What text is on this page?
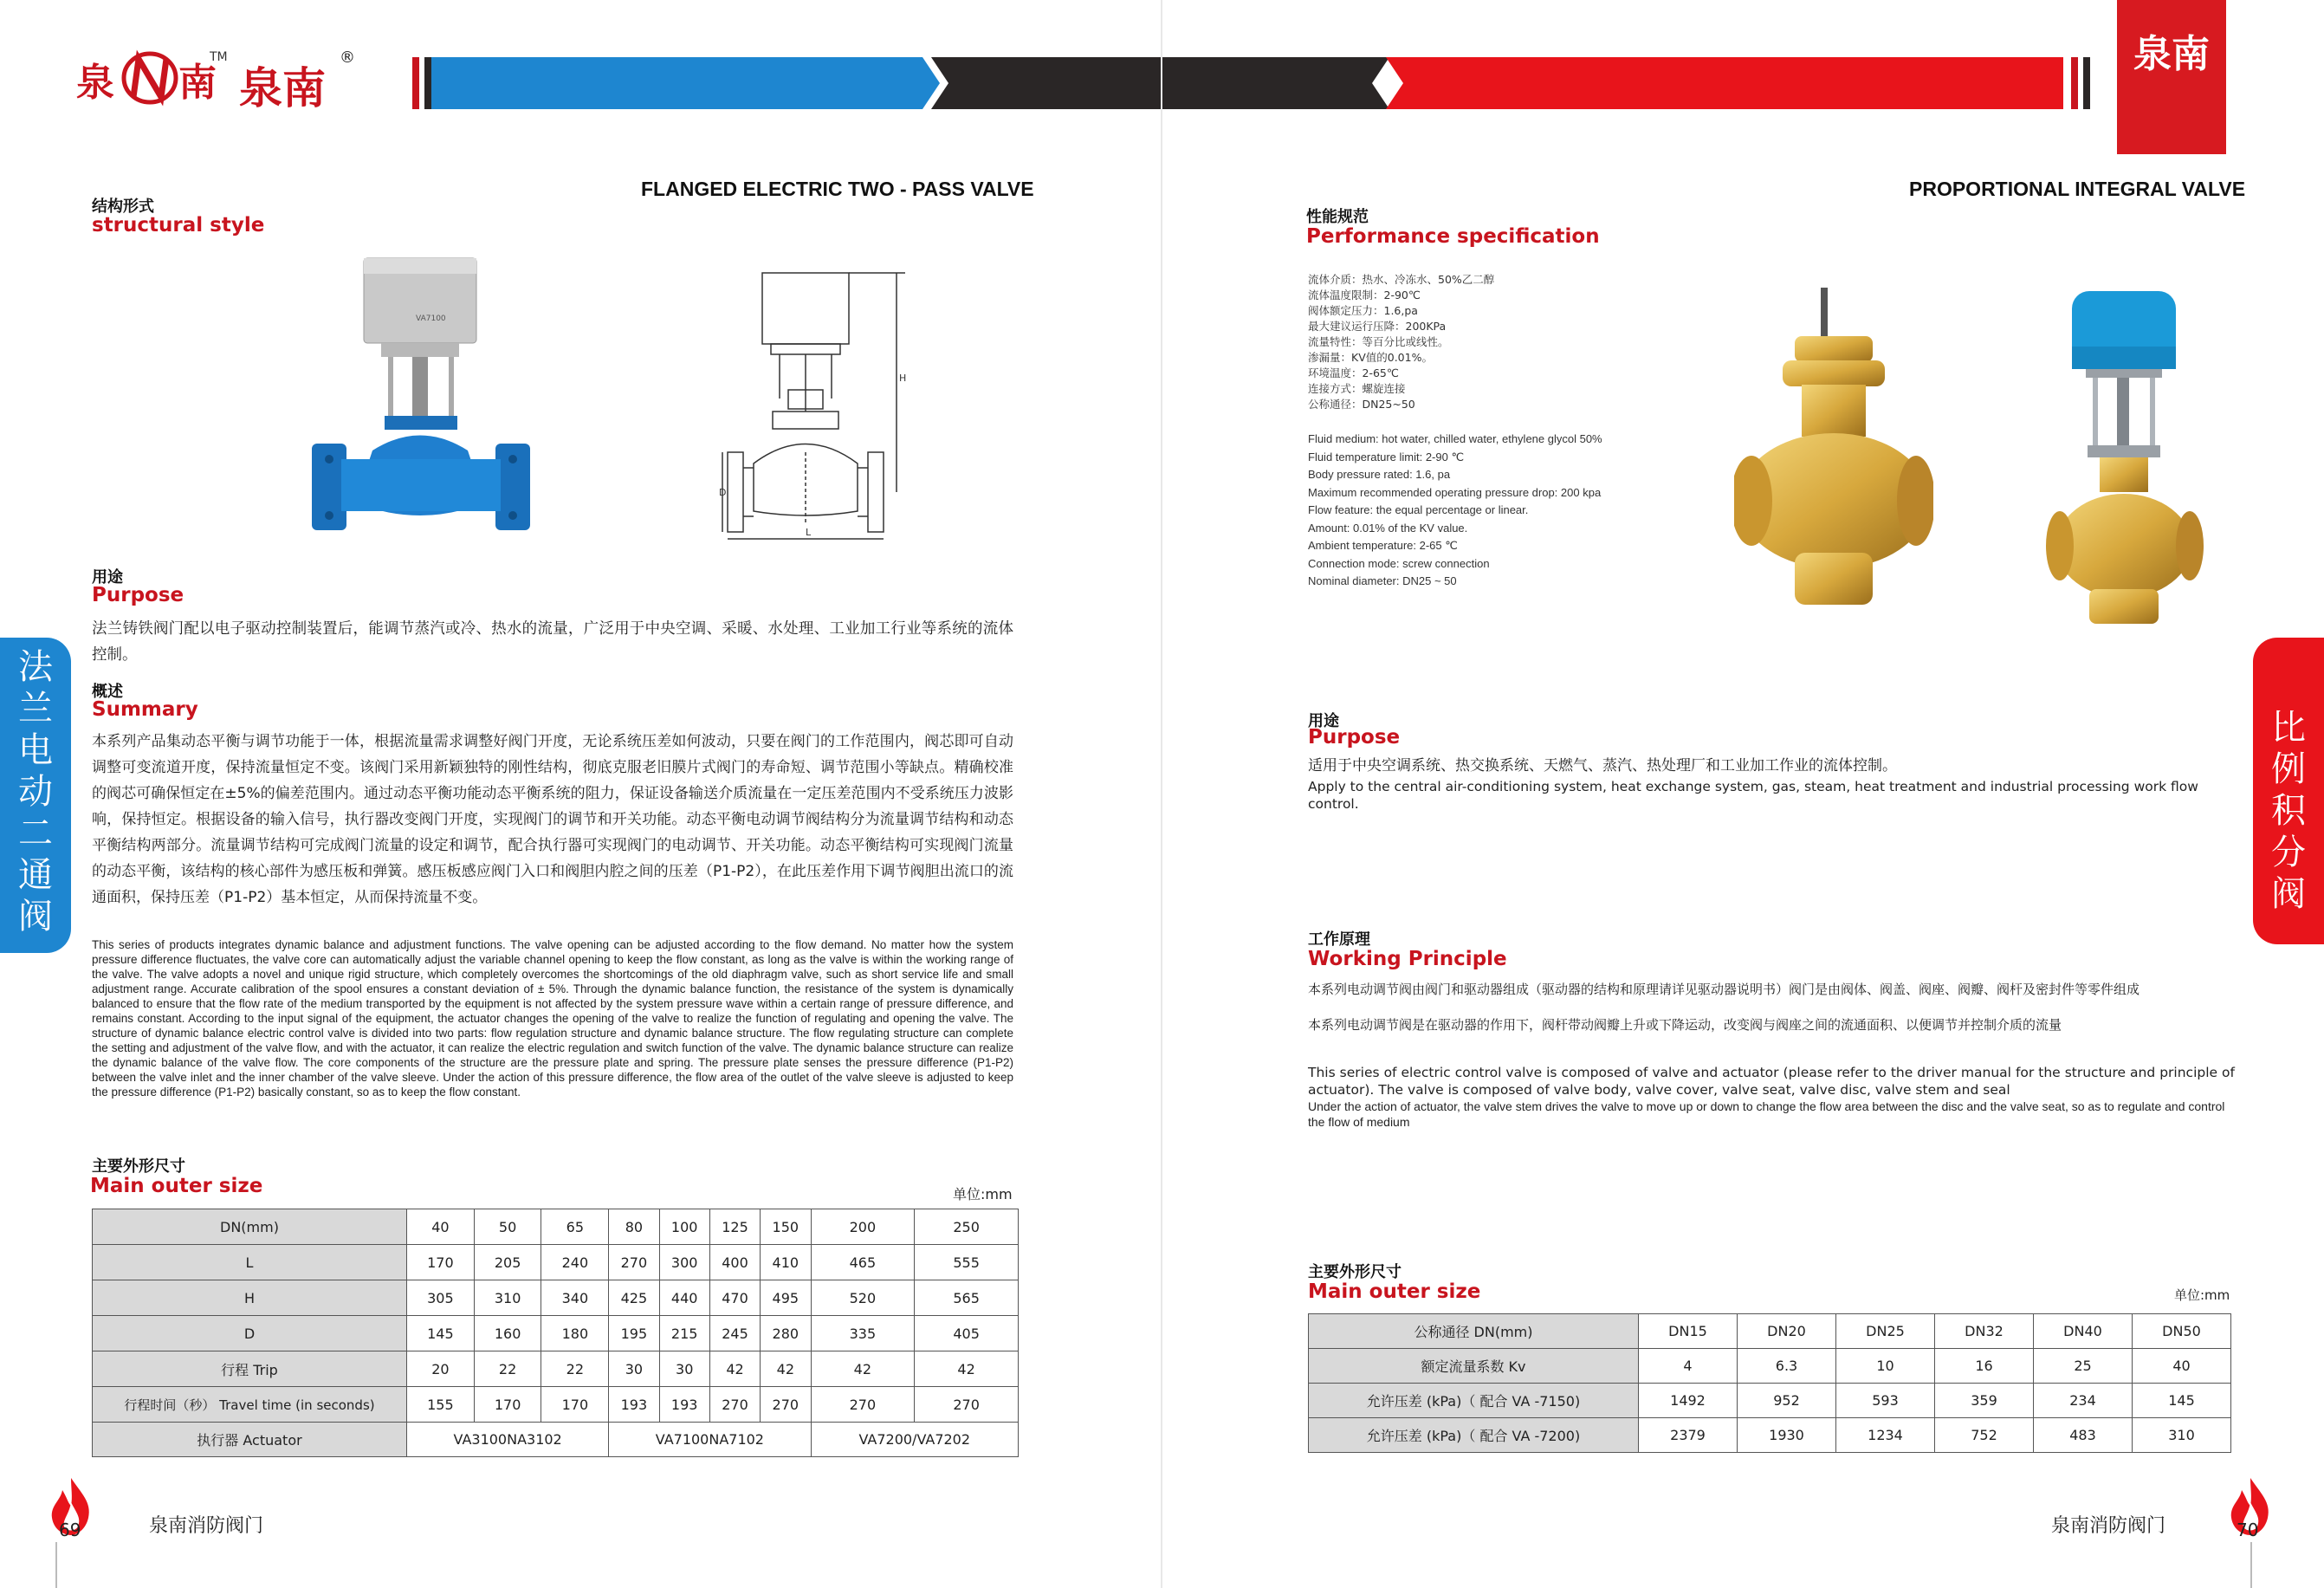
泉 南
TM
泉南
®
FLANGED ELECTRIC TWO - PASS VALVE
结构形式
structural style
VA7100
H
L
D
用途
Purpose
法兰铸铁阀门配以电子驱动控制装置后，能调节蒸汽或冷、热水的流量，广泛用于中央空调、采暖、水处理、工业加工行业等系统的流体控制。
概述
Summary
本系列产品集动态平衡与调节功能于一体，根据流量需求调整好阀门开度，无论系统压差如何波动，只要在阀门的工作范围内，阀芯即可自动调整可变流道开度，保持流量恒定不变。该阀门采用新颖独特的刚性结构，彻底克服老旧膜片式阀门的寿命短、调节范围小等缺点。精确校准的阀芯可确保恒定在±5%的偏差范围内。通过动态平衡功能动态平衡系统的阻力，保证设备输送介质流量在一定压差范围内不受系统压力波影响，保持恒定。根据设备的输入信号，执行器改变阀门开度，实现阀门的调节和开关功能。动态平衡电动调节阀结构分为流量调节结构和动态平衡结构两部分。流量调节结构可完成阀门流量的设定和调节，配合执行器可实现阀门的电动调节、开关功能。动态平衡结构可实现阀门流量的动态平衡，该结构的核心部件为感压板和弹簧。感压板感应阀门入口和阀胆内腔之间的压差（P1-P2），在此压差作用下调节阀胆出流口的流通面积，保持压差（P1-P2）基本恒定，从而保持流量不变。
This series of products integrates dynamic balance and adjustment functions. The valve opening can be adjusted according to the flow demand. No matter how the system pressure difference fluctuates, the valve core can automatically adjust the variable channel opening to keep the flow constant, as long as the valve is within the working range of the valve. The valve adopts a novel and unique rigid structure, which completely overcomes the shortcomings of the old diaphragm valve, such as short service life and small adjustment range. Accurate calibration of the spool ensures a constant deviation of ± 5%. Through the dynamic balance function, the resistance of the system is dynamically balanced to ensure that the flow rate of the medium transported by the equipment is not affected by the system pressure wave within a certain range of pressure difference, and remains constant. According to the input signal of the equipment, the actuator changes the opening of the valve to realize the function of regulating and opening the valve. The structure of dynamic balance electric control valve is divided into two parts: flow regulation structure and dynamic balance structure. The flow regulating structure can complete the setting and adjustment of the valve flow, and with the actuator, it can realize the electric regulation and switch function of the valve. The dynamic balance structure can realize the dynamic balance of the valve flow. The core components of the structure are the pressure plate and spring. The pressure plate senses the pressure difference (P1-P2) between the valve inlet and the inner chamber of the valve sleeve. Under the action of this pressure difference, the flow area of the outlet of the valve sleeve is adjusted to keep the pressure difference (P1-P2) basically constant, so as to keep the flow constant.
主要外形尺寸
Main outer size	单位:mm
DN(mm)	40	50	65	80	100	125	150	200	250
L	170	205	240	270	300	400	410	465	555
H	305	310	340	425	440	470	495	520	565
D	145	160	180	195	215	245	280	335	405
行程 Trip	20	22	22	30	30	42	42	42	42
行程时间（秒） Travel time (in seconds)	155	170	170	193	193	270	270	270	270
执行器 Actuator	VA3100NA3102			VA7100NA7102				VA7200/VA7202	
法
兰
电
动
二
通
阀
69	泉南消防阀门
泉南
PROPORTIONAL INTEGRAL VALVE
性能规范
Performance specification
流体介质：热水、冷冻水、50%乙二醇
流体温度限制：2-90℃
阀体额定压力：1.6,pa
最大建议运行压降：200KPa
流量特性：等百分比或线性。
渗漏量：KV值的0.01%。
环境温度：2-65℃
连接方式：螺旋连接
公称通径：DN25~50
Fluid medium: hot water, chilled water, ethylene glycol 50%
Fluid temperature limit: 2-90 ℃
Body pressure rated: 1.6, pa
Maximum recommended operating pressure drop: 200 kpa
Flow feature: the equal percentage or linear.
Amount: 0.01% of the KV value.
Ambient temperature: 2-65 ℃
Connection mode: screw connection
Nominal diameter: DN25 ~ 50
用途
Purpose
适用于中央空调系统、热交换系统、天燃气、蒸汽、热处理厂和工业加工作业的流体控制。
Apply to the central air-conditioning system, heat exchange system, gas, steam, heat treatment and industrial processing work flow control.
工作原理
Working Principle
本系列电动调节阀由阀门和驱动器组成（驱动器的结构和原理请详见驱动器说明书）阀门是由阀体、阀盖、阀座、阀瓣、阀杆及密封件等零件组成
本系列电动调节阀是在驱动器的作用下，阀杆带动阀瓣上升或下降运动，改变阀与阀座之间的流通面积、以便调节并控制介质的流量
This series of electric control valve is composed of valve and actuator (please refer to the driver manual for the structure and principle of actuator). The valve is composed of valve body, valve cover, valve seat, valve disc, valve stem and seal
Under the action of actuator, the valve stem drives the valve to move up or down to change the flow area between the disc and the valve seat, so as to regulate and control the flow of medium
主要外形尺寸
Main outer size	单位:mm
公称通径 DN(mm)	DN15	DN20	DN25	DN32	DN40	DN50
额定流量系数 Kv	4	6.3	10	16	25	40
允许压差 (kPa)（ 配合 VA -7150)	1492	952	593	359	234	145
允许压差 (kPa)（ 配合 VA -7200)	2379	1930	1234	752	483	310
比
例
积
分
阀
泉南消防阀门	70
